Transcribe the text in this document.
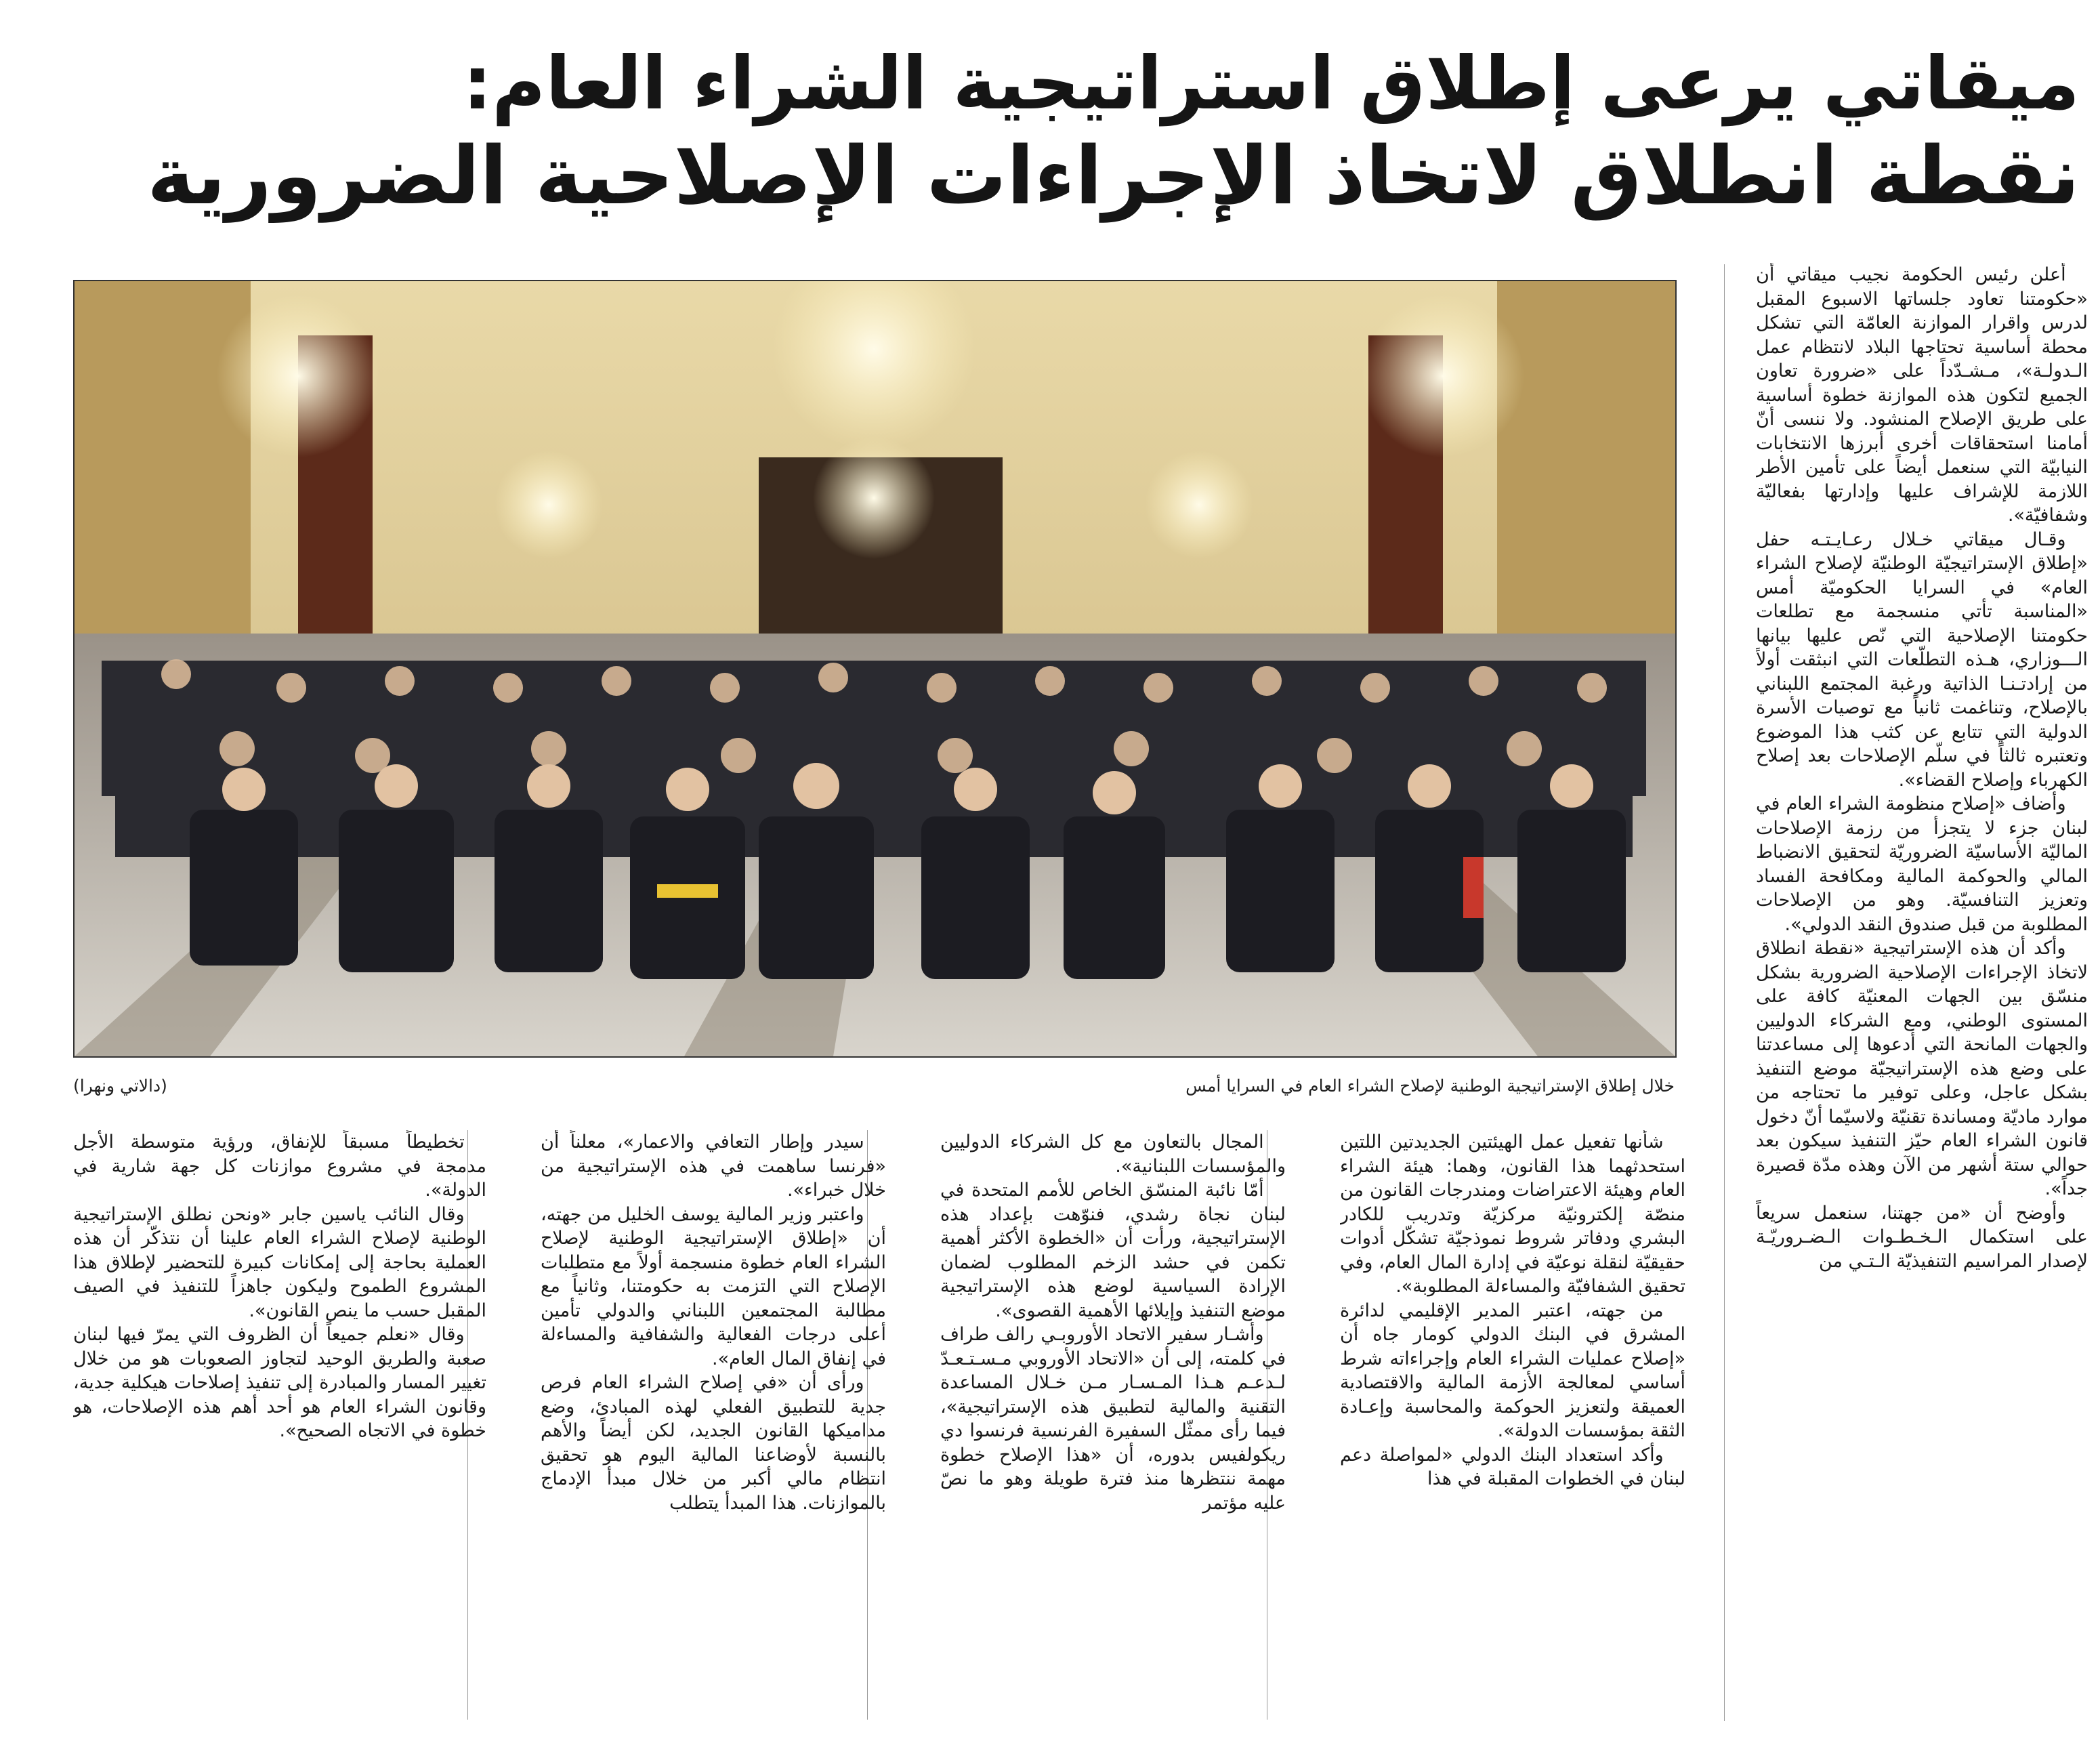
ميقاتي يرعى إطلاق استراتيجية الشراء العام:
نقطة انطلاق لاتخاذ الإجراءات الإصلاحية الضرورية

أعلن رئيس الحكومة نجيب ميقاتي أن «حكومتنا تعاود جلساتها الاسبوع المقبل لدرس واقرار الموازنة العامّة التي تشكل محطة أساسية تحتاجها البلاد لانتظام عمل الـدولـة»، مـشـدّداً على «ضرورة تعاون الجميع لتكون هذه الموازنة خطوة أساسية على طريق الإصلاح المنشود. ولا ننسى أنّ أمامنا استحقاقات أخرى أبرزها الانتخابات النيابيّة التي سنعمل أيضاً على تأمين الأطر اللازمة للإشراف عليها وإدارتها بفعاليّة وشفافيّة».

وقـال ميقاتي خـلال رعـايـتـه حفل «إطلاق الإستراتيجيّة الوطنيّة لإصلاح الشراء العام» في السرايا الحكوميّة أمس «المناسبة تأتي منسجمة مع تطلعات حكومتنا الإصلاحية التي نّص عليها بيانها الـــوزاري، هـذه التطلّعات التي انبثقت أولاً من إرادتـنـا الذاتية ورغبة المجتمع اللبناني بالإصلاح، وتناغمت ثانياً مع توصيات الأسرة الدولية التي تتابع عن كثب هذا الموضوع وتعتبره ثالثاً في سلّم الإصلاحات بعد إصلاح الكهرباء وإصلاح القضاء».

وأضاف «إصلاح منظومة الشراء العام في لبنان جزء لا يتجزأ من رزمة الإصلاحات الماليّة الأساسيّة الضروريّة لتحقيق الانضباط المالي والحوكمة المالية ومكافحة الفساد وتعزيز التنافسيّة. وهو من الإصلاحات المطلوبة من قبل صندوق النقد الدولي».

وأكد أن هذه الإستراتيجية «نقطة انطلاق لاتخاذ الإجراءات الإصلاحية الضرورية بشكل منسّق بين الجهات المعنيّة كافة على المستوى الوطني، ومع الشركاء الدوليين والجهات المانحة التي أدعوها إلى مساعدتنا على وضع هذه الإستراتيجيّة موضع التنفيذ بشكل عاجل، وعلى توفير ما تحتاجه من موارد ماديّة ومساندة تقنيّة ولاسيّما أنّ دخول قانون الشراء العام حيّز التنفيذ سيكون بعد حوالي ستة أشهر من الآن وهذه مدّة قصيرة جداً».

وأوضح أن «من جهتنا، سنعمل سريعاً على استكمال الـخـطـوات الـضـروريّـة لإصدار المراسيم التنفيذيّة الـتـي من

خلال إطلاق الإستراتيجية الوطنية لإصلاح الشراء العام في السرايا أمس
(دالاتي ونهرا)

شأنها تفعيل عمل الهيئتين الجديدتين اللتين استحدثهما هذا القانون، وهما: هيئة الشراء العام وهيئة الاعتراضات ومندرجات القانون من منصّة إلكترونيّة مركزيّة وتدريب للكادر البشري ودفاتر شروط نموذجيّة تشكّل أدوات حقيقيّة لنقلة نوعيّة في إدارة المال العام، وفي تحقيق الشفافيّة والمساءلة المطلوبة».

من جهته، اعتبر المدير الإقليمي لدائرة المشرق في البنك الدولي كومار جاه أن «إصلاح عمليات الشراء العام وإجراءاته شرط أساسي لمعالجة الأزمة المالية والاقتصادية العميقة ولتعزيز الحوكمة والمحاسبة وإعـادة الثقة بمؤسسات الدولة».

وأكد استعداد البنك الدولي «لمواصلة دعم لبنان في الخطوات المقبلة في هذا

المجال بالتعاون مع كل الشركاء الدوليين والمؤسسات اللبنانية».

أمّا نائبة المنسّق الخاص للأمم المتحدة في لبنان نجاة رشدي، فنوّهت بإعداد هذه الإستراتيجية، ورأت أن «الخطوة الأكثر أهمية تكمن في حشد الزخم المطلوب لضمان الإرادة السياسية لوضع هذه الإستراتيجية موضع التنفيذ وإيلائها الأهمية القصوى».

وأشـار سفير الاتحاد الأوروبـي رالف طراف في كلمته، إلى أن «الاتحاد الأوروبي مـسـتـعـدّ لـدعـم هـذا المـسـار مـن خـلال المساعدة التقنية والمالية لتطبيق هذه الإستراتيجية»، فيما رأى ممثّل السفيرة الفرنسية فرنسوا دي ريكولفيس بدوره، أن «هذا الإصلاح خطوة مهمة ننتظرها منذ فترة طويلة وهو ما نصّ عليه مؤتمر

سيدر وإطار التعافي والاعمار»، معلناً أن «فرنسا ساهمت في هذه الإستراتيجية من خلال خبراء».

واعتبر وزير المالية يوسف الخليل من جهته، أن «إطلاق الإستراتيجية الوطنية لإصلاح الشراء العام خطوة منسجمة أولاً مع متطلبات الإصلاح التي التزمت به حكومتنا، وثانياً مع مطالبة المجتمعين اللبناني والدولي تأمين أعلى درجات الفعالية والشفافية والمساءلة في إنفاق المال العام».

ورأى أن «في إصلاح الشراء العام فرص جدية للتطبيق الفعلي لهذه المبادئ، وضع مداميكها القانون الجديد، لكن أيضاً والأهم بالنسبة لأوضاعنا المالية اليوم هو تحقيق انتظام مالي أكبر من خلال مبدأ الإدماج بالموازنات. هذا المبدأ يتطلب

تخطيطاً مسبقاً للإنفاق، ورؤية متوسطة الأجل مدمجة في مشروع موازنات كل جهة شارية في الدولة».

وقال النائب ياسين جابر «ونحن نطلق الإستراتيجية الوطنية لإصلاح الشراء العام علينا أن نتذكّر أن هذه العملية بحاجة إلى إمكانات كبيرة للتحضير لإطلاق هذا المشروع الطموح وليكون جاهزاً للتنفيذ في الصيف المقبل حسب ما ينص القانون».

وقال «نعلم جميعاً أن الظروف التي يمرّ فيها لبنان صعبة والطريق الوحيد لتجاوز الصعوبات هو من خلال تغيير المسار والمبادرة إلى تنفيذ إصلاحات هيكلية جدية، وقانون الشراء العام هو أحد أهم هذه الإصلاحات، هو خطوة في الاتجاه الصحيح».
